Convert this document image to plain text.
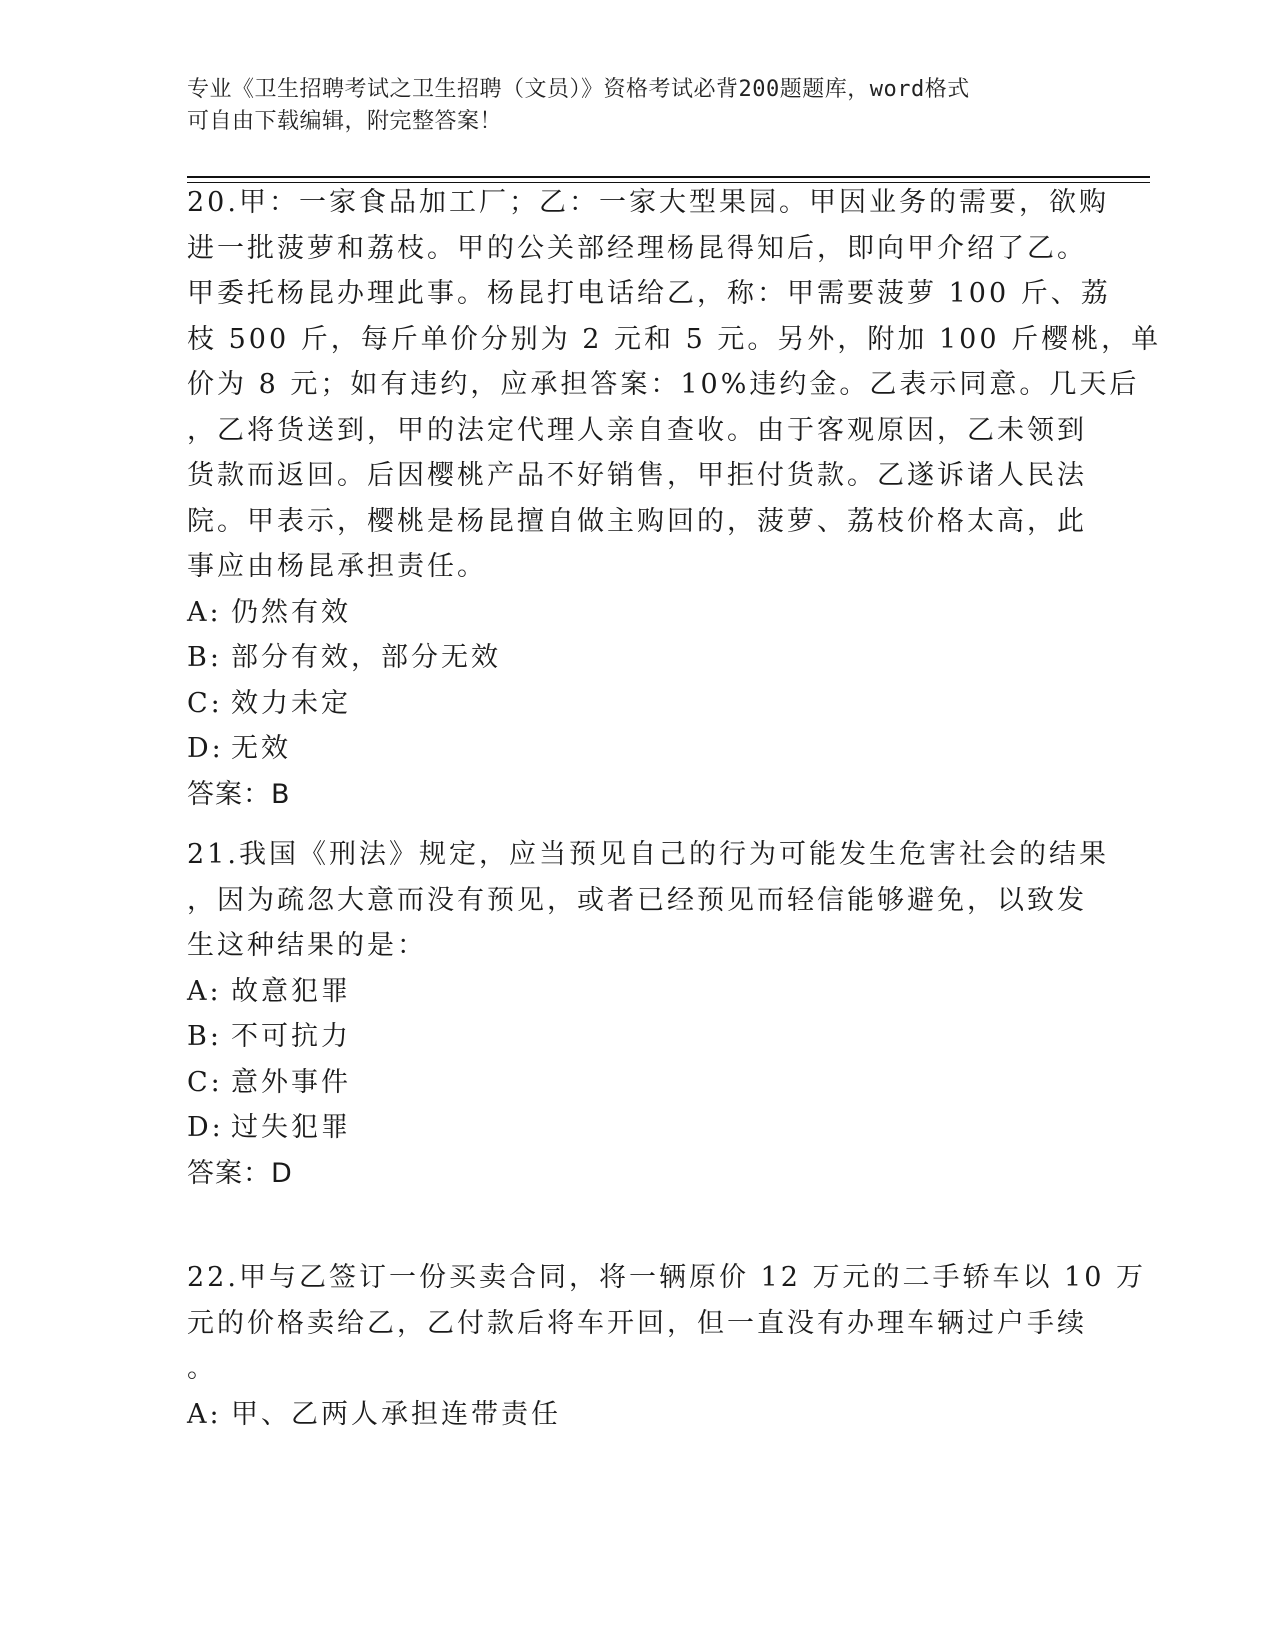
专业《卫生招聘考试之卫生招聘（文员）》资格考试必背200题题库，word格式
可自由下载编辑，附完整答案！
20.甲：一家食品加工厂；乙：一家大型果园。甲因业务的需要，欲购
进一批菠萝和荔枝。甲的公关部经理杨昆得知后，即向甲介绍了乙。
甲委托杨昆办理此事。杨昆打电话给乙，称：甲需要菠萝 100 斤、荔
枝 500 斤，每斤单价分别为 2 元和 5 元。另外，附加 100 斤樱桃，单
价为 8 元；如有违约，应承担答案：10%违约金。乙表示同意。几天后
，乙将货送到，甲的法定代理人亲自查收。由于客观原因，乙未领到
货款而返回。后因樱桃产品不好销售，甲拒付货款。乙遂诉诸人民法
院。甲表示，樱桃是杨昆擅自做主购回的，菠萝、荔枝价格太高，此
事应由杨昆承担责任。
A: 仍然有效
B: 部分有效，部分无效
C: 效力未定
D: 无效
答案：B
21.我国《刑法》规定，应当预见自己的行为可能发生危害社会的结果
，因为疏忽大意而没有预见，或者已经预见而轻信能够避免，以致发
生这种结果的是：
A: 故意犯罪
B: 不可抗力
C: 意外事件
D: 过失犯罪
答案：D
22.甲与乙签订一份买卖合同，将一辆原价 12 万元的二手轿车以 10 万
元的价格卖给乙，乙付款后将车开回，但一直没有办理车辆过户手续
。
A: 甲、乙两人承担连带责任
